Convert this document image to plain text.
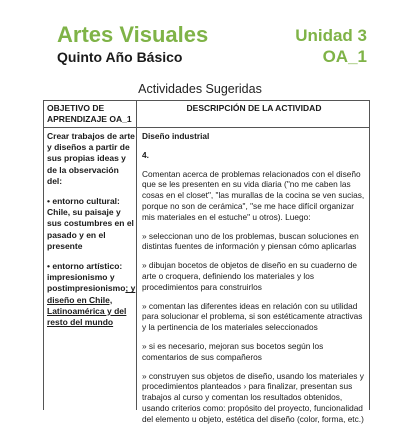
Artes Visuales	Unidad 3
Quinto Año Básico	OA_1
Actividades Sugeridas
OBJETIVO DE APRENDIZAJE OA_1
DESCRIPCIÓN DE LA ACTIVIDAD

Crear trabajos de arte y diseños a partir de sus propias ideas y de la observación del:

• entorno cultural: Chile, su paisaje y sus costumbres en el pasado y en el presente

• entorno artístico: impresionismo y postimpresionismo; y diseño en Chile, Latinoamérica y del resto del mundo

Diseño industrial
4.
Comentan acerca de problemas relacionados con el diseño que se les presenten en su vida diaria ("no me caben las cosas en el closet", "las murallas de la cocina se ven sucias, porque no son de cerámica", "se me hace difícil organizar mis materiales en el estuche" u otros). Luego:
» seleccionan uno de los problemas, buscan soluciones en distintas fuentes de información y piensan cómo aplicarlas
» dibujan bocetos de objetos de diseño en su cuaderno de arte o croquera, definiendo los materiales y los procedimientos para construirlos
» comentan las diferentes ideas en relación con su utilidad para solucionar el problema, si son estéticamente atractivas y la pertinencia de los materiales seleccionados
» si es necesario, mejoran sus bocetos según los comentarios de sus compañeros
» construyen sus objetos de diseño, usando los materiales y procedimientos planteados › para finalizar, presentan sus trabajos al curso y comentan los resultados obtenidos, usando criterios como: propósito del proyecto, funcionalidad del elemento u objeto, estética del diseño (color, forma, etc.)
